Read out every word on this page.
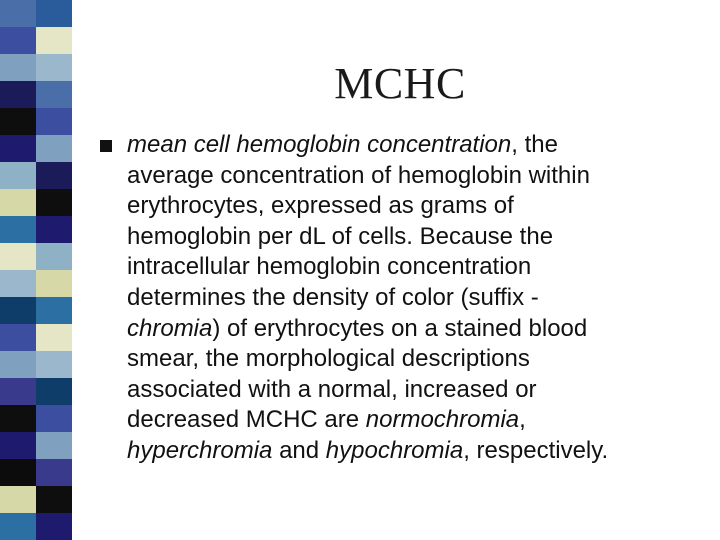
MCHC
mean cell hemoglobin concentration, the
average concentration of hemoglobin within
erythrocytes, expressed as grams of
hemoglobin per dL of cells. Because the
intracellular hemoglobin concentration
determines the density of color (suffix -
chromia) of erythrocytes on a stained blood
smear, the morphological descriptions
associated with a normal, increased or
decreased MCHC are normochromia,
hyperchromia and hypochromia, respectively.
